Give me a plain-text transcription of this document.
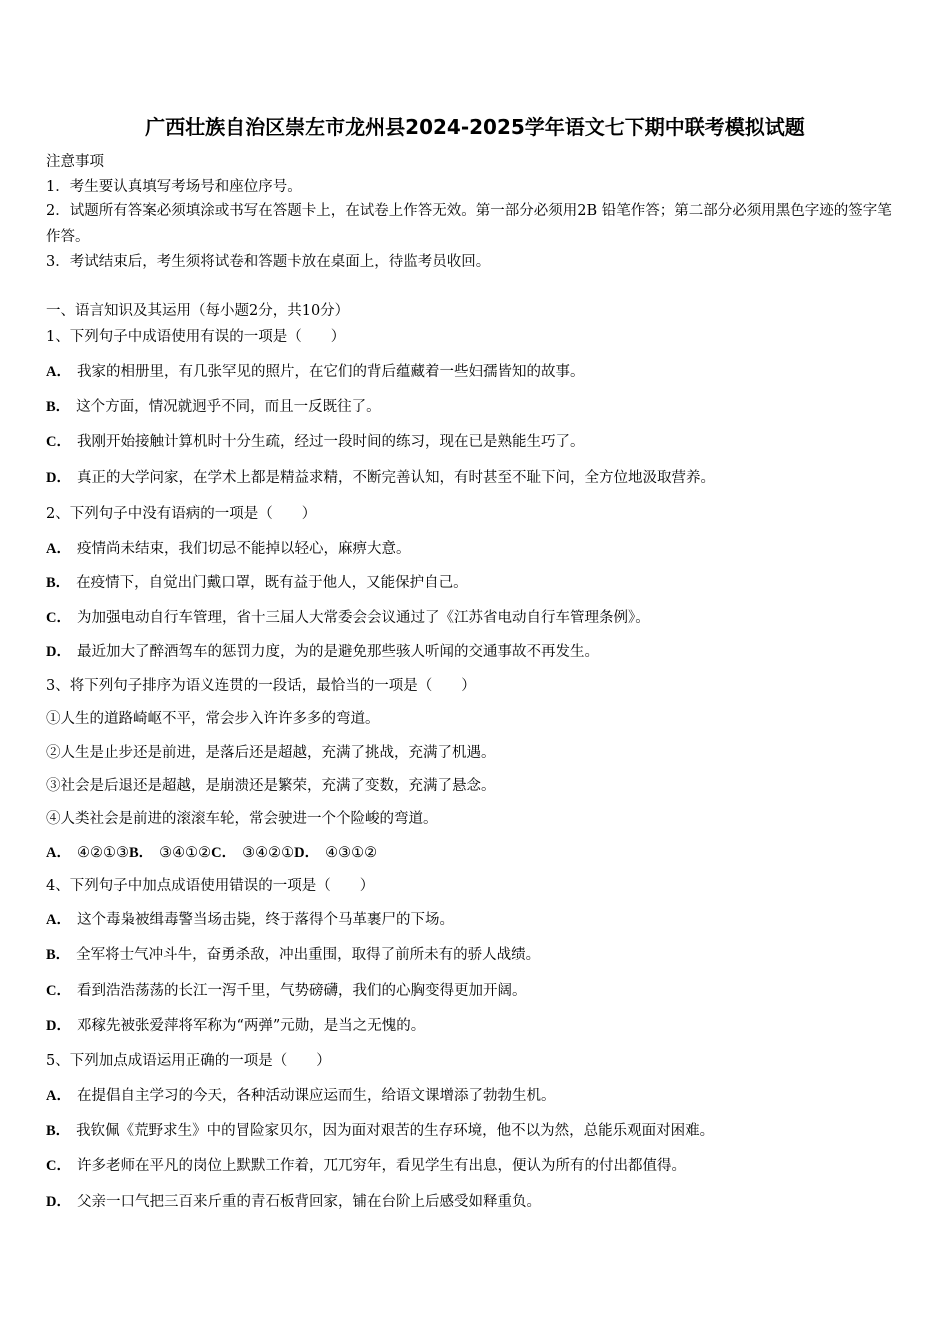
广西壮族自治区崇左市龙州县2024-2025学年语文七下期中联考模拟试题
注意事项
1．考生要认真填写考场号和座位序号。
2．试题所有答案必须填涂或书写在答题卡上，在试卷上作答无效。第一部分必须用2B 铅笔作答；第二部分必须用黑色字迹的签字笔作答。
3．考试结束后，考生须将试卷和答题卡放在桌面上，待监考员收回。
一、语言知识及其运用（每小题2分，共10分）
1、下列句子中成语使用有误的一项是（　　）
A． 我家的相册里，有几张罕见的照片，在它们的背后蕴藏着一些妇孺皆知的故事。
B． 这个方面，情况就迥乎不同，而且一反既往了。
C． 我刚开始接触计算机时十分生疏，经过一段时间的练习，现在已是熟能生巧了。
D． 真正的大学问家，在学术上都是精益求精，不断完善认知，有时甚至不耻下问，全方位地汲取营养。
2、下列句子中没有语病的一项是（　　）
A． 疫情尚未结束，我们切忌不能掉以轻心，麻痹大意。
B． 在疫情下，自觉出门戴口罩，既有益于他人，又能保护自己。
C． 为加强电动自行车管理，省十三届人大常委会会议通过了《江苏省电动自行车管理条例》。
D． 最近加大了醉酒驾车的惩罚力度，为的是避免那些骇人听闻的交通事故不再发生。
3、将下列句子排序为语义连贯的一段话，最恰当的一项是（　　）
①人生的道路崎岖不平，常会步入许许多多的弯道。
②人生是止步还是前进，是落后还是超越，充满了挑战，充满了机遇。
③社会是后退还是超越，是崩溃还是繁荣，充满了变数，充满了悬念。
④人类社会是前进的滚滚车轮，常会驶进一个个险峻的弯道。
A． ④②①③B． ③④①②C． ③④②①D． ④③①②
4、下列句子中加点成语使用错误的一项是（　　）
A． 这个毒枭被缉毒警当场击毙，终于落得个马革裹尸的下场。
B． 全军将士气冲斗牛，奋勇杀敌，冲出重围，取得了前所未有的骄人战绩。
C． 看到浩浩荡荡的长江一泻千里，气势磅礴，我们的心胸变得更加开阔。
D． 邓稼先被张爱萍将军称为“两弹”元勋，是当之无愧的。
5、下列加点成语运用正确的一项是（　　）
A． 在提倡自主学习的今天，各种活动课应运而生，给语文课增添了勃勃生机。
B． 我钦佩《荒野求生》中的冒险家贝尔，因为面对艰苦的生存环境，他不以为然，总能乐观面对困难。
C． 许多老师在平凡的岗位上默默工作着，兀兀穷年，看见学生有出息，便认为所有的付出都值得。
D． 父亲一口气把三百来斤重的青石板背回家，铺在台阶上后感受如释重负。
